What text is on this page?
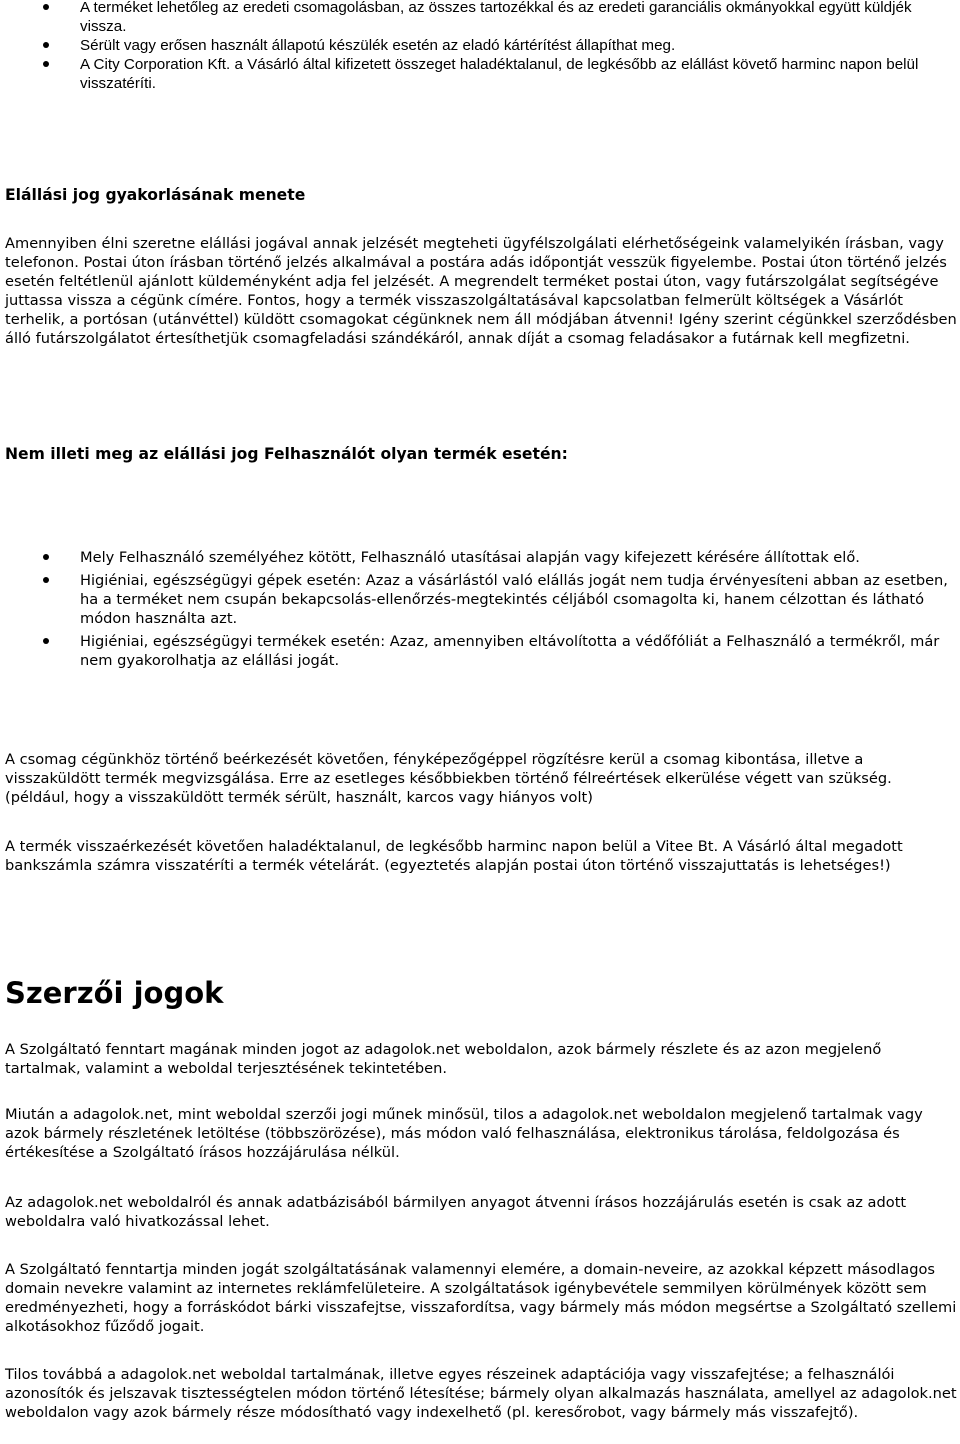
A terméket lehetőleg az eredeti csomagolásban, az összes tartozékkal és az eredeti garanciális okmányokkal együtt küldjék vissza.
Sérült vagy erősen használt állapotú készülék esetén az eladó kártérítést állapíthat meg.
A City Corporation Kft. a Vásárló által kifizetett összeget haladéktalanul, de legkésőbb az elállást követő harminc napon belül visszatéríti.
Elállási jog gyakorlásának menete

Amennyiben élni szeretne elállási jogával annak jelzését megteheti ügyfélszolgálati elérhetőségeink valamelyikén írásban, vagy telefonon. Postai úton írásban történő jelzés alkalmával a postára adás időpontját vesszük figyelembe. Postai úton történő jelzés esetén feltétlenül ajánlott küldeményként adja fel jelzését. A megrendelt terméket postai úton, vagy futárszolgálat segítségéve juttassa vissza a cégünk címére. Fontos, hogy a termék visszaszolgáltatásával kapcsolatban felmerült költségek a Vásárlót terhelik, a portósan (utánvéttel) küldött csomagokat cégünknek nem áll módjában átvenni! Igény szerint cégünkkel szerződésben álló futárszolgálatot értesíthetjük csomagfeladási szándékáról, annak díját a csomag feladásakor a futárnak kell megfizetni.

Nem illeti meg az elállási jog Felhasználót olyan termék esetén:
Mely Felhasználó személyéhez kötött, Felhasználó utasításai alapján vagy kifejezett kérésére állítottak elő.
Higiéniai, egészségügyi gépek esetén: Azaz a vásárlástól való elállás jogát nem tudja érvényesíteni abban az esetben, ha a terméket nem csupán bekapcsolás-ellenőrzés-megtekintés céljából csomagolta ki, hanem célzottan és látható módon használta azt.
Higiéniai, egészségügyi termékek esetén: Azaz, amennyiben eltávolította a védőfóliát a Felhasználó a termékről, már nem gyakorolhatja az elállási jogát.

A csomag cégünkhöz történő beérkezését követően, fényképezőgéppel rögzítésre kerül a csomag kibontása, illetve a visszaküldött termék megvizsgálása. Erre az esetleges későbbiekben történő félreértések elkerülése végett van szükség. (például, hogy a visszaküldött termék sérült, használt, karcos vagy hiányos volt)

A termék visszaérkezését követően haladéktalanul, de legkésőbb harminc napon belül a Vitee Bt. A Vásárló által megadott bankszámla számra visszatéríti a termék vételárát. (egyeztetés alapján postai úton történő visszajuttatás is lehetséges!)

Szerzői jogok

A Szolgáltató fenntart magának minden jogot az adagolok.net weboldalon, azok bármely részlete és az azon megjelenő tartalmak, valamint a weboldal terjesztésének tekintetében.

Miután a adagolok.net, mint weboldal szerzői jogi műnek minősül, tilos a adagolok.net weboldalon megjelenő tartalmak vagy azok bármely részletének letöltése (többszörözése), más módon való felhasználása, elektronikus tárolása, feldolgozása és értékesítése a Szolgáltató írásos hozzájárulása nélkül.

Az adagolok.net weboldalról és annak adatbázisából bármilyen anyagot átvenni írásos hozzájárulás esetén is csak az adott weboldalra való hivatkozással lehet.

A Szolgáltató fenntartja minden jogát szolgáltatásának valamennyi elemére, a domain-neveire, az azokkal képzett másodlagos domain nevekre valamint az internetes reklámfelületeire. A szolgáltatások igénybevétele semmilyen körülmények között sem eredményezheti, hogy a forráskódot bárki visszafejtse, visszafordítsa, vagy bármely más módon megsértse a Szolgáltató szellemi alkotásokhoz fűződő jogait.

Tilos továbbá a adagolok.net weboldal tartalmának, illetve egyes részeinek adaptációja vagy visszafejtése; a felhasználói azonosítók és jelszavak tisztességtelen módon történő létesítése; bármely olyan alkalmazás használata, amellyel az adagolok.net weboldalon vagy azok bármely része módosítható vagy indexelhető (pl. keresőrobot, vagy bármely más visszafejtő).
